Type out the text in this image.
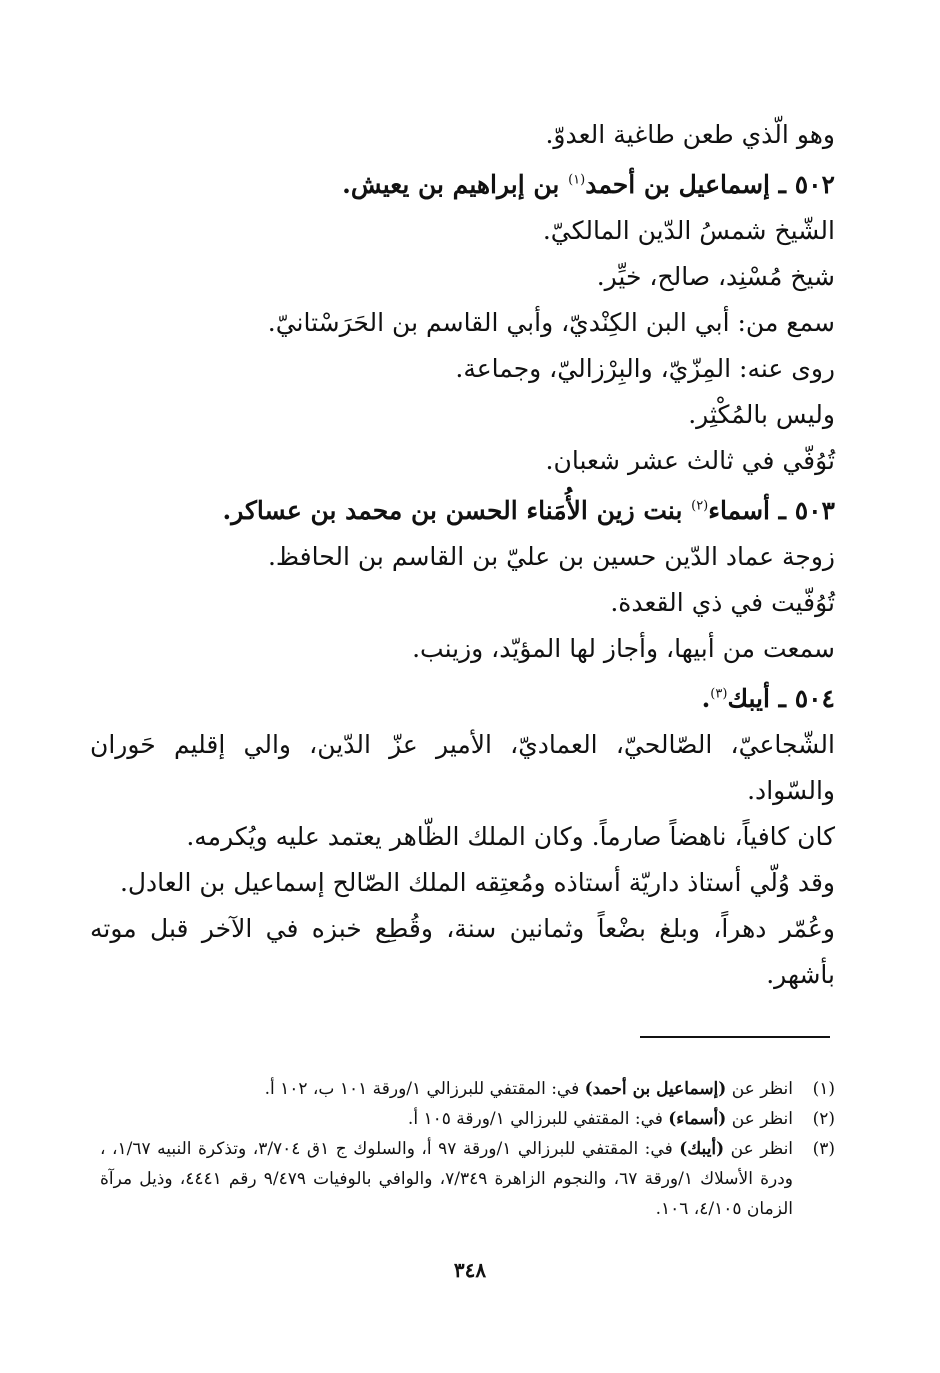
وهو الّذي طعن طاغية العدوّ.
٥٠٢ ـ إسماعيل بن أحمد$^{(١)}$ بن إبراهيم بن يعيش.
الشّيخ شمسُ الدّين المالكيّ.
شيخ مُسْنِد، صالح، خيِّر.
سمع من: أبي البن الكِنْديّ، وأبي القاسم بن الحَرَسْتانيّ.
روى عنه: المِزّيّ، والبِرْزاليّ، وجماعة.
وليس بالمُكْثِر.
تُوُفّي في ثالث عشر شعبان.
٥٠٣ ـ أسماء$^{(٢)}$ بنت زين الأُمَناء الحسن بن محمد بن عساكر.
زوجة عماد الدّين حسين بن عليّ بن القاسم بن الحافظ.
تُوُفّيت في ذي القعدة.
سمعت من أبيها، وأجاز لها المؤيّد، وزينب.
٥٠٤ ـ أيبك$^{(٣)}$.
الشّجاعيّ، الصّالحيّ، العماديّ، الأمير عزّ الدّين، والي إقليم حَوران والسّواد.
كان كافياً، ناهضاً صارماً. وكان الملك الظّاهر يعتمد عليه ويُكرمه.
وقد وُلّي أستاذ داريّة أستاذه ومُعتِقه الملك الصّالح إسماعيل بن العادل.
وعُمّر دهراً، وبلغ بضْعاً وثمانين سنة، وقُطِع خبزه في الآخر قبل موته بأشهر.
(١)
انظر عن (إسماعيل بن أحمد) في: المقتفي للبرزالي ١/ورقة ١٠١ ب، ١٠٢ أ.
(٢)
انظر عن (أسماء) في: المقتفي للبرزالي ١/ورقة ١٠٥ أ.
(٣)
انظر عن (أيبك) في: المقتفي للبرزالي ١/ورقة ٩٧ أ، والسلوك ج ١ق ٣/٧٠٤، وتذكرة النبيه ١/٦٧، ، ودرة الأسلاك ١/ورقة ٦٧، والنجوم الزاهرة ٧/٣٤٩، والوافي بالوفيات ٩/٤٧٩ رقم ٤٤٤١، وذيل مرآة الزمان ٤/١٠٥، ١٠٦.
٣٤٨
